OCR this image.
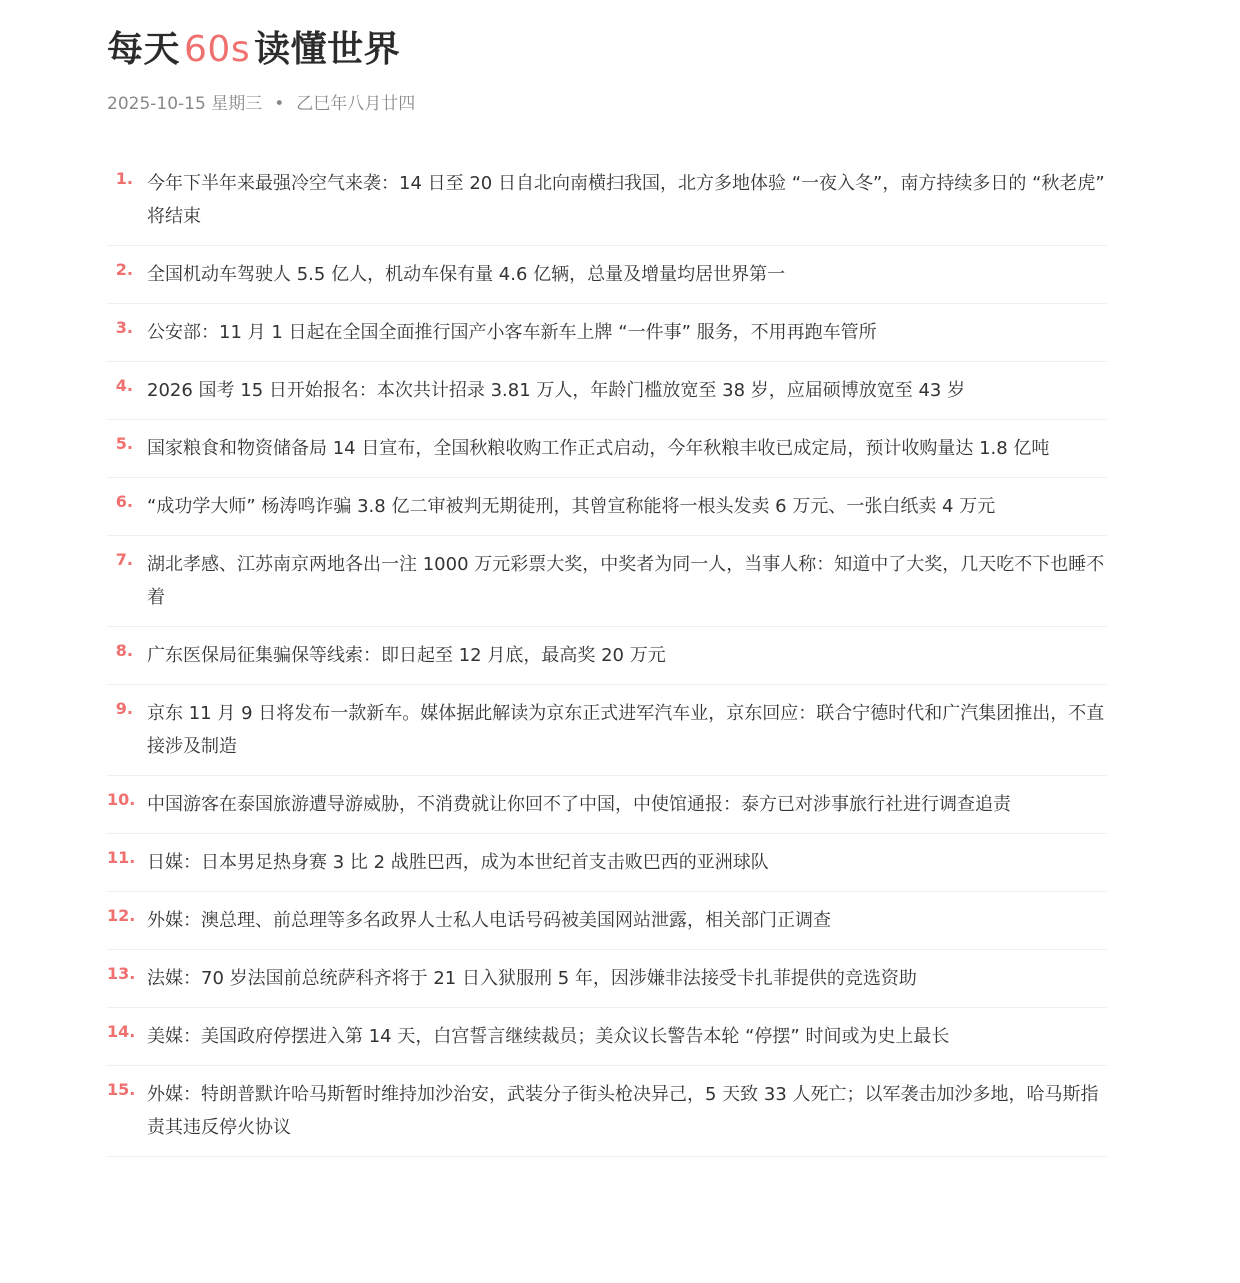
每天 60s 读懂世界
2025-10-15 星期三 • 乙巳年八月廿四
1. 今年下半年来最强冷空气来袭：14 日至 20 日自北向南横扫我国，北方多地体验 “一夜入冬”，南方持续多日的 “秋老虎” 将结束
2. 全国机动车驾驶人 5.5 亿人，机动车保有量 4.6 亿辆，总量及增量均居世界第一
3. 公安部：11 月 1 日起在全国全面推行国产小客车新车上牌 “一件事” 服务，不用再跑车管所
4. 2026 国考 15 日开始报名：本次共计招录 3.81 万人，年龄门槛放宽至 38 岁，应届硕博放宽至 43 岁
5. 国家粮食和物资储备局 14 日宣布，全国秋粮收购工作正式启动，今年秋粮丰收已成定局，预计收购量达 1.8 亿吨
6. “成功学大师” 杨涛鸣诈骗 3.8 亿二审被判无期徒刑，其曾宣称能将一根头发卖 6 万元、一张白纸卖 4 万元
7. 湖北孝感、江苏南京两地各出一注 1000 万元彩票大奖，中奖者为同一人，当事人称：知道中了大奖，几天吃不下也睡不着
8. 广东医保局征集骗保等线索：即日起至 12 月底，最高奖 20 万元
9. 京东 11 月 9 日将发布一款新车。媒体据此解读为京东正式进军汽车业，京东回应：联合宁德时代和广汽集团推出，不直接涉及制造
10. 中国游客在泰国旅游遭导游威胁，不消费就让你回不了中国，中使馆通报：泰方已对涉事旅行社进行调查追责
11. 日媒：日本男足热身赛 3 比 2 战胜巴西，成为本世纪首支击败巴西的亚洲球队
12. 外媒：澳总理、前总理等多名政界人士私人电话号码被美国网站泄露，相关部门正调查
13. 法媒：70 岁法国前总统萨科齐将于 21 日入狱服刑 5 年，因涉嫌非法接受卡扎菲提供的竞选资助
14. 美媒：美国政府停摆进入第 14 天，白宫誓言继续裁员；美众议长警告本轮 “停摆” 时间或为史上最长
15. 外媒：特朗普默许哈马斯暂时维持加沙治安，武装分子街头枪决异己，5 天致 33 人死亡；以军袭击加沙多地，哈马斯指责其违反停火协议
